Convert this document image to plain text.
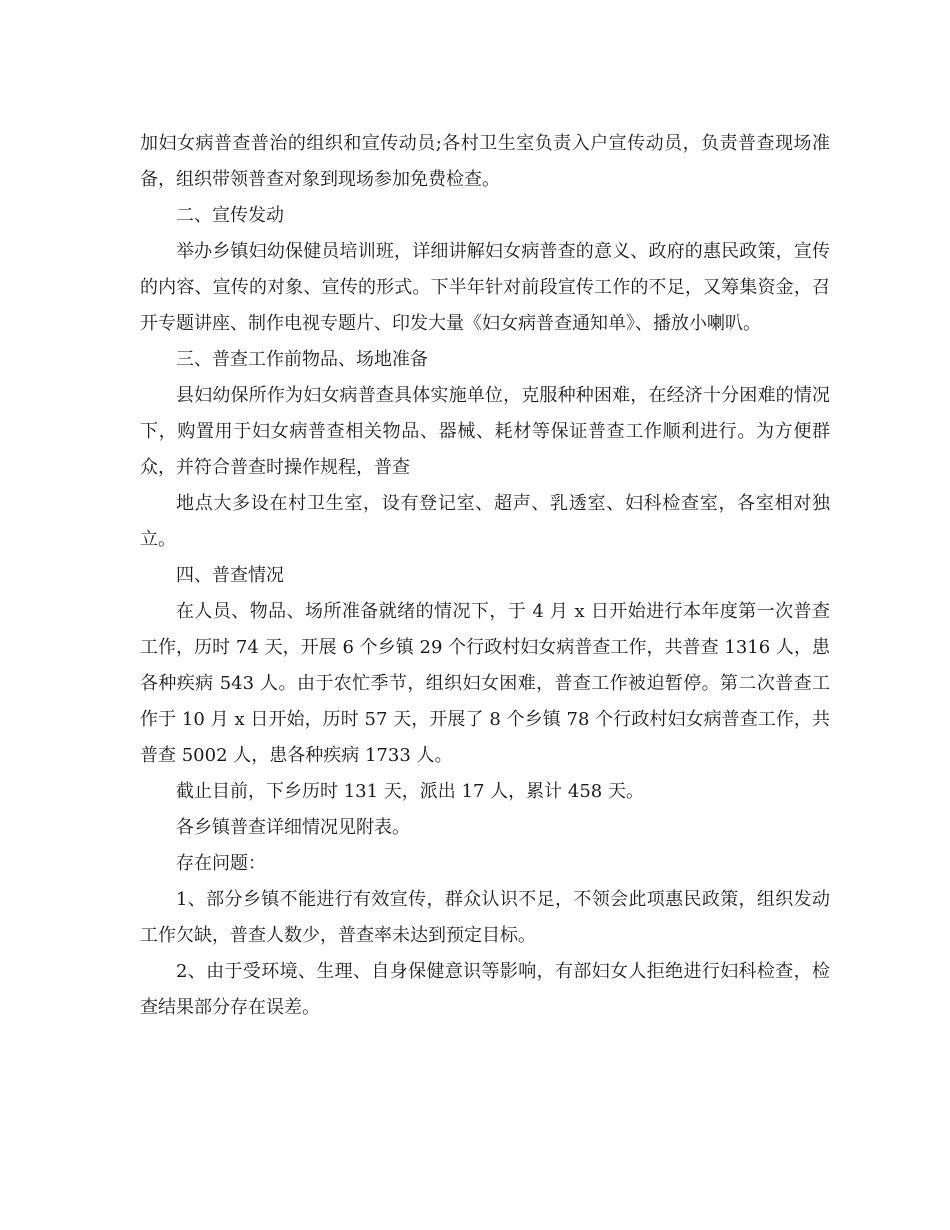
加妇女病普查普治的组织和宣传动员;各村卫生室负责入户宣传动员，负责普查现场准备，组织带领普查对象到现场参加免费检查。

二、宣传发动

举办乡镇妇幼保健员培训班，详细讲解妇女病普查的意义、政府的惠民政策，宣传的内容、宣传的对象、宣传的形式。下半年针对前段宣传工作的不足，又筹集资金，召开专题讲座、制作电视专题片、印发大量《妇女病普查通知单》、播放小喇叭。

三、普查工作前物品、场地准备

县妇幼保所作为妇女病普查具体实施单位，克服种种困难，在经济十分困难的情况下，购置用于妇女病普查相关物品、器械、耗材等保证普查工作顺利进行。为方便群众，并符合普查时操作规程，普查

地点大多设在村卫生室，设有登记室、超声、乳透室、妇科检查室，各室相对独立。

四、普查情况

在人员、物品、场所准备就绪的情况下，于 4 月 x 日开始进行本年度第一次普查工作，历时 74 天，开展 6 个乡镇 29 个行政村妇女病普查工作，共普查 1316 人，患各种疾病 543 人。由于农忙季节，组织妇女困难，普查工作被迫暂停。第二次普查工作于 10 月 x 日开始，历时 57 天，开展了 8 个乡镇 78 个行政村妇女病普查工作，共普查 5002 人，患各种疾病 1733 人。

截止目前，下乡历时 131 天，派出 17 人，累计 458 天。

各乡镇普查详细情况见附表。

存在问题：

1、部分乡镇不能进行有效宣传，群众认识不足，不领会此项惠民政策，组织发动工作欠缺，普查人数少，普查率未达到预定目标。

2、由于受环境、生理、自身保健意识等影响，有部妇女人拒绝进行妇科检查，检查结果部分存在误差。
